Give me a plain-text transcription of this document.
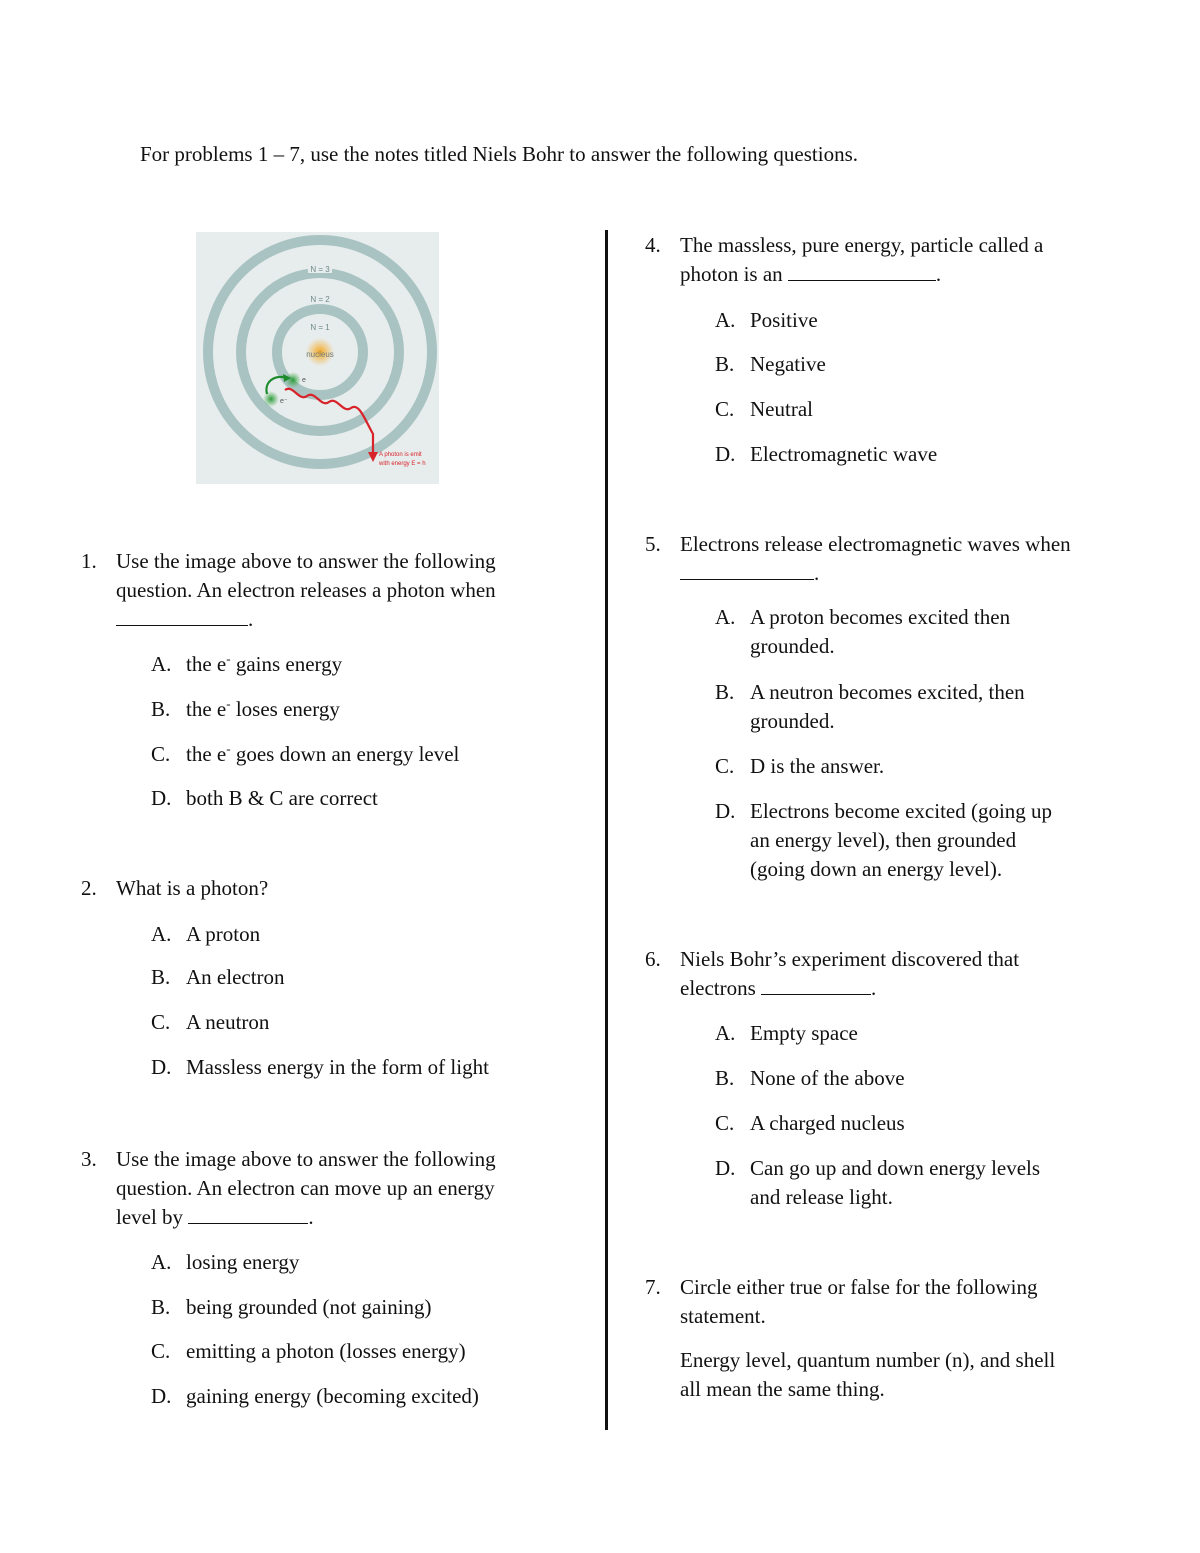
For problems 1 – 7, use the notes titled Niels Bohr to answer the following questions.
N = 3
N = 2
N = 1
nucleus
e
e⁻
A photon is emit
with energy E = h
1. Use the image above to answer the following
question. An electron releases a photon when
.
A. the e- gains energy
B. the e- loses energy
C. the e- goes down an energy level
D. both B & C are correct
2. What is a photon?
A. A proton
B. An electron
C. A neutron
D. Massless energy in the form of light
3. Use the image above to answer the following
question. An electron can move up an energy
level by	.
A. losing energy
B. being grounded (not gaining)
C. emitting a photon (losses energy)
D. gaining energy (becoming excited)
4. The massless, pure energy, particle called a
photon is an	.
A. Positive
B. Negative
C. Neutral
D. Electromagnetic wave
5. Electrons release electromagnetic waves when
.
A. A proton becomes excited then
grounded.
B. A neutron becomes excited, then
grounded.
C. D is the answer.
D. Electrons become excited (going up
an energy level), then grounded
(going down an energy level).
6. Niels Bohr’s experiment discovered that
electrons	.
A. Empty space
B. None of the above
C. A charged nucleus
D. Can go up and down energy levels
and release light.
7. Circle either true or false for the following
statement.
Energy level, quantum number (n), and shell
all mean the same thing.
